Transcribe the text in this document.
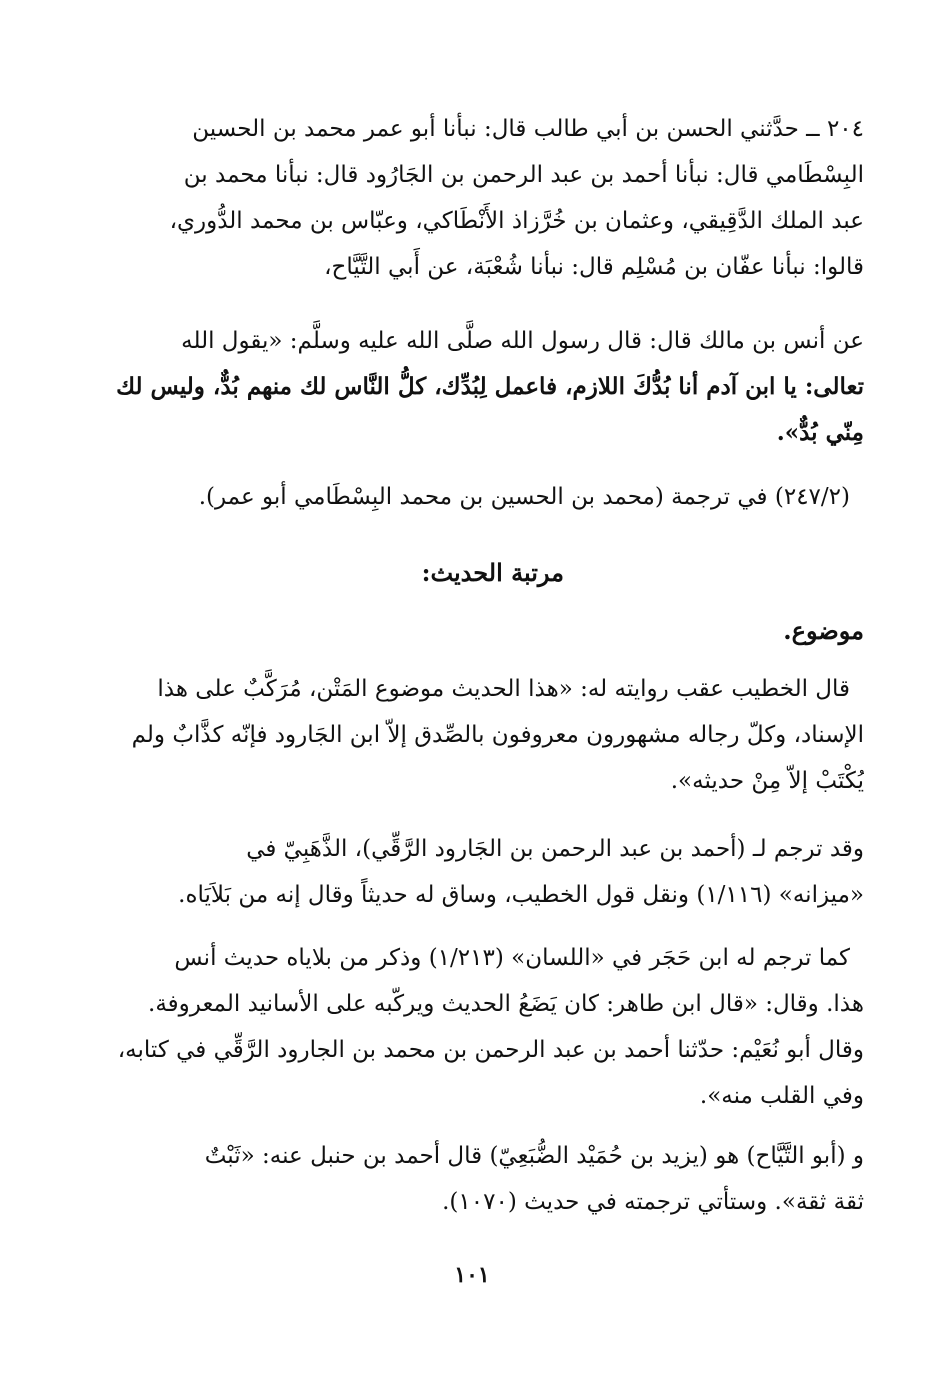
٢٠٤ ــ حدَّثني الحسن بن أبي طالب قال: نبأنا أبو عمر محمد بن الحسين
البِسْطَامي قال: نبأنا أحمد بن عبد الرحمن بن الجَارُود قال: نبأنا محمد بن
عبد الملك الدَّقِيقي، وعثمان بن خُرَّزاذ الأَنْطَاكي، وعبّاس بن محمد الدُّوري،
قالوا: نبأنا عفّان بن مُسْلِم قال: نبأنا شُعْبَة، عن أَبي التَّيَّاح،
عن أنس بن مالك قال: قال رسول الله صلَّى الله عليه وسلَّم: «يقول الله
تعالى: يا ابن آدم أنا بُدُّكَ اللازم، فاعمل لِبُدِّك، كلُّ النَّاس لك منهم بُدٌّ، وليس لك
مِنّي بُدٌّ».
(٢٤٧/٢) في ترجمة (محمد بن الحسين بن محمد البِسْطَامي أبو عمر).
مرتبة الحديث:
موضوع.
قال الخطيب عقب روايته له: «هذا الحديث موضوع المَتْن، مُرَكَّبٌ على هذا
الإسناد، وكلّ رجاله مشهورون معروفون بالصِّدق إلاّ ابن الجَارود فإنّه كذَّابٌ ولم
يُكْتَبْ إلاّ مِنْ حديثه».
وقد ترجم لـ (أحمد بن عبد الرحمن بن الجَارود الرَّقِّي)، الذَّهَبِيّ في
«ميزانه» (١/١١٦) ونقل قول الخطيب، وساق له حديثاً وقال إنه من بَلاَيَاه.
كما ترجم له ابن حَجَر في «اللسان» (١/٢١٣) وذكر من بلاياه حديث أنس
هذا. وقال: «قال ابن طاهر: كان يَضَعُ الحديث ويركّبه على الأسانيد المعروفة.
وقال أبو نُعَيْم: حدّثنا أحمد بن عبد الرحمن بن محمد بن الجارود الرَّقِّي في كتابه،
وفي القلب منه».
و (أبو التَّيَّاح) هو (يزيد بن حُمَيْد الضُّبَعِيّ) قال أحمد بن حنبل عنه: «ثَبْتٌ
ثقة ثقة». وستأتي ترجمته في حديث (١٠٧٠).
١٠١
